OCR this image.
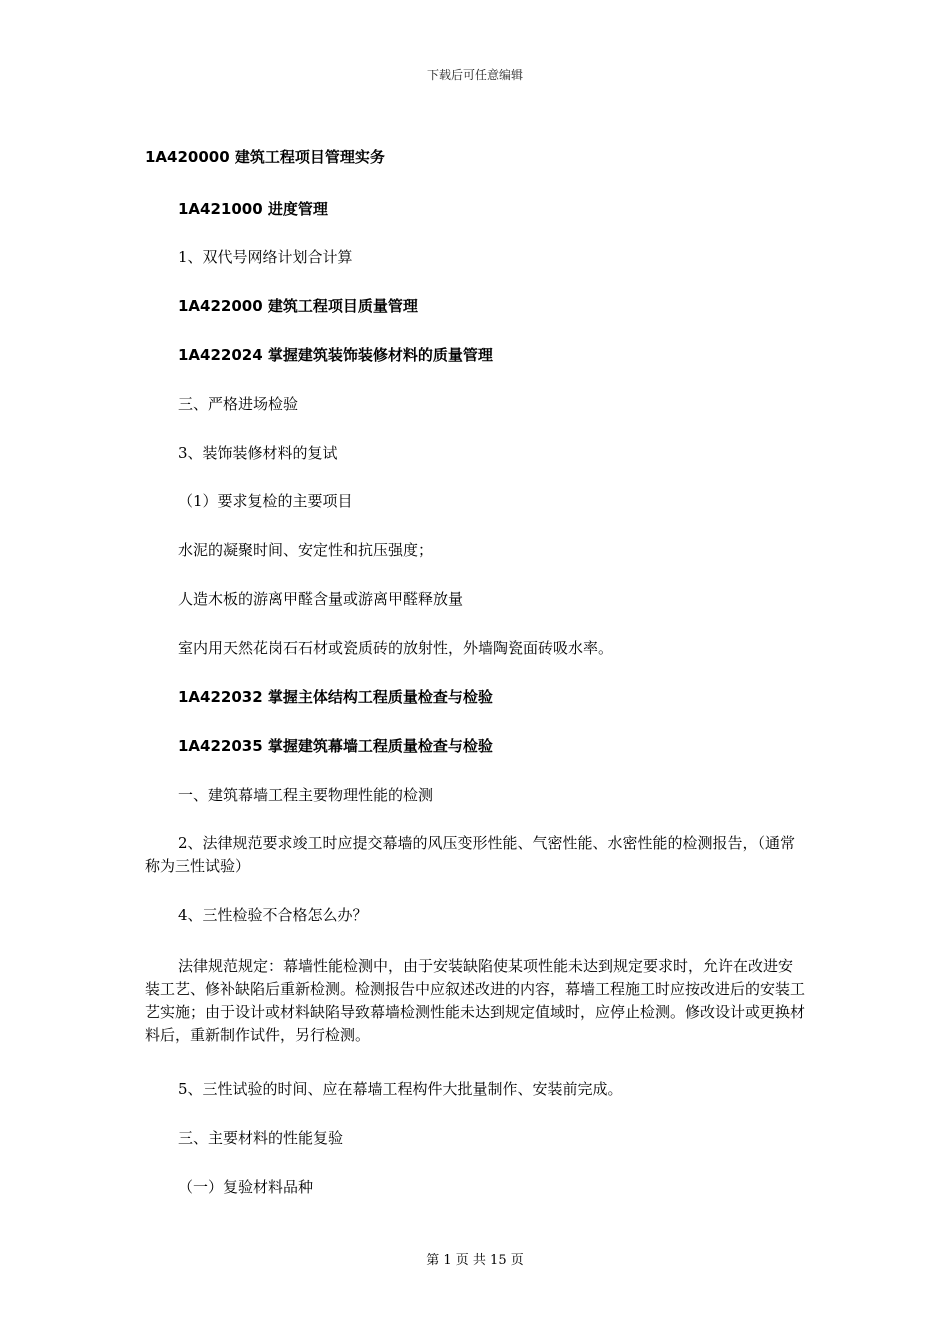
下载后可任意编辑

1A420000 建筑工程项目管理实务

1A421000 进度管理

1、双代号网络计划合计算

1A422000 建筑工程项目质量管理

1A422024 掌握建筑装饰装修材料的质量管理

三、严格进场检验

3、装饰装修材料的复试

（1）要求复检的主要项目

水泥的凝聚时间、安定性和抗压强度；

人造木板的游离甲醛含量或游离甲醛释放量

室内用天然花岗石石材或瓷质砖的放射性，外墙陶瓷面砖吸水率。

1A422032 掌握主体结构工程质量检查与检验

1A422035 掌握建筑幕墙工程质量检查与检验

一、建筑幕墙工程主要物理性能的检测

2、法律规范要求竣工时应提交幕墙的风压变形性能、气密性能、水密性能的检测报告，（通常称为三性试验）

4、三性检验不合格怎么办？

法律规范规定：幕墙性能检测中，由于安装缺陷使某项性能未达到规定要求时，允许在改进安装工艺、修补缺陷后重新检测。检测报告中应叙述改进的内容，幕墙工程施工时应按改进后的安装工艺实施；由于设计或材料缺陷导致幕墙检测性能未达到规定值域时，应停止检测。修改设计或更换材料后，重新制作试件，另行检测。

5、三性试验的时间、应在幕墙工程构件大批量制作、安装前完成。

三、主要材料的性能复验

（一）复验材料品种

第 1 页 共 15 页
